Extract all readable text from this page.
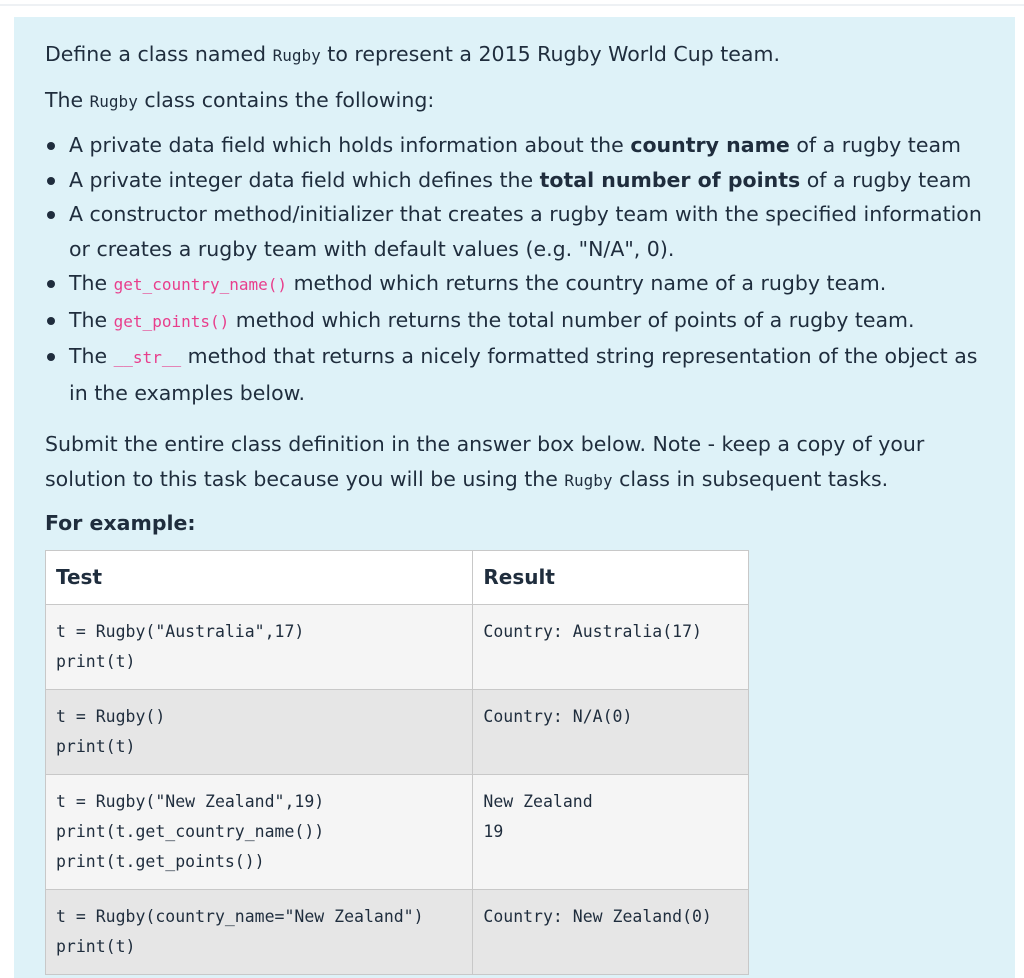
Define a class named Rugby to represent a 2015 Rugby World Cup team.

The Rugby class contains the following:

A private data field which holds information about the country name of a rugby team
A private integer data field which defines the total number of points of a rugby team
A constructor method/initializer that creates a rugby team with the specified information or creates a rugby team with default values (e.g. "N/A", 0).
The get_country_name() method which returns the country name of a rugby team.
The get_points() method which returns the total number of points of a rugby team.
The __str__ method that returns a nicely formatted string representation of the object as in the examples below.

Submit the entire class definition in the answer box below. Note - keep a copy of your solution to this task because you will be using the Rugby class in subsequent tasks.

For example:
Test	Result

t = Rugby("Australia",17)
print(t)	Country: Australia(17)

t = Rugby()
print(t)	Country: N/A(0)

t = Rugby("New Zealand",19)
print(t.get_country_name())
print(t.get_points())	New Zealand
19

t = Rugby(country_name="New Zealand")
print(t)	Country: New Zealand(0)
